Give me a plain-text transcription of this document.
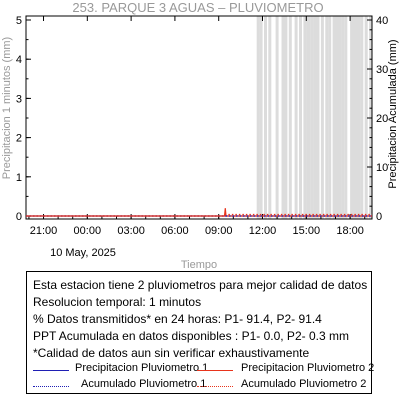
253. PARQUE 3 AGUAS – PLUVIOMETRO
0
1
2
3
4
5
0
10
20
30
40
21:00 00:00 03:00 06:00 09:00 12:00 15:00 18:00
Precipitacion 1 minutos (mm)	Precipitacion Acumulada (mm)
10 May, 2025
Tiempo
Esta estacion tiene 2 pluviometros para mejor calidad de datos
Resolucion temporal: 1 minutos
% Datos transmitidos* en 24 horas: P1- 91.4, P2- 91.4
PPT Acumulada en datos disponibles : P1- 0.0, P2- 0.3 mm
*Calidad de datos aun sin verificar exhaustivamente
Precipitacion Pluviometro 1	Precipitacion Pluviometro 2
Acumulado Pluviometro 1	Acumulado Pluviometro 2
